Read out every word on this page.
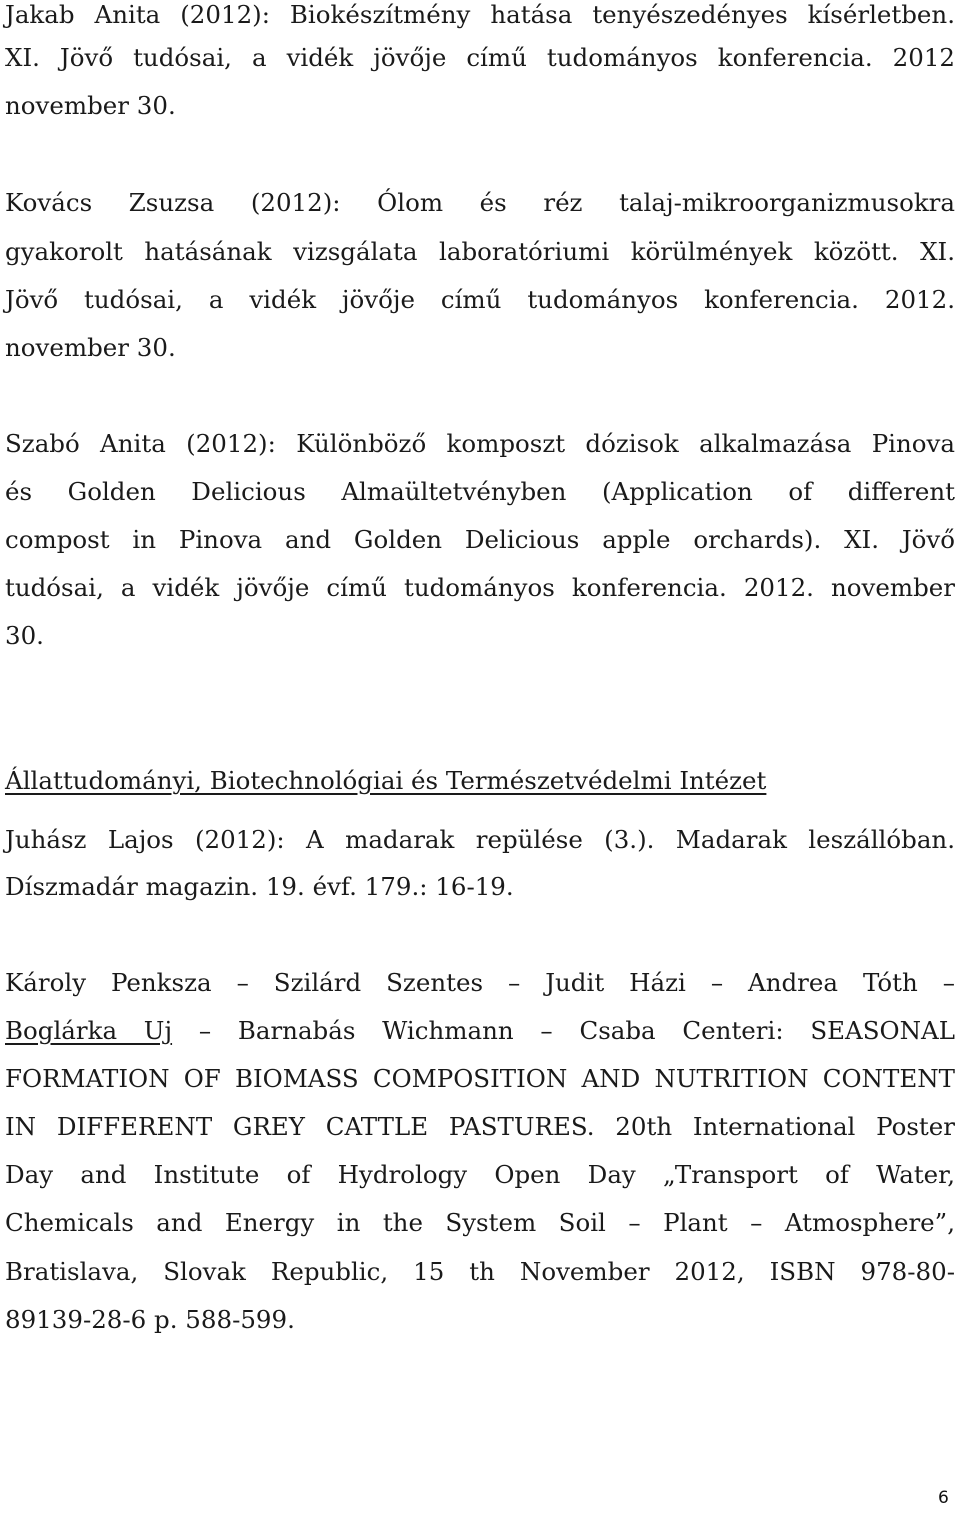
Jakab Anita (2012): Biokészítmény hatása tenyészedényes kísérletben.
XI. Jövő tudósai, a vidék jövője című tudományos konferencia. 2012
november 30.
Kovács Zsuzsa (2012): Ólom és réz talaj-mikroorganizmusokra
gyakorolt hatásának vizsgálata laboratóriumi körülmények között. XI.
Jövő tudósai, a vidék jövője című tudományos konferencia. 2012.
november 30.
Szabó Anita (2012): Különböző komposzt dózisok alkalmazása Pinova
és Golden Delicious Almaültetvényben (Application of different
compost in Pinova and Golden Delicious apple orchards). XI. Jövő
tudósai, a vidék jövője című tudományos konferencia. 2012. november
30.
Állattudományi, Biotechnológiai és Természetvédelmi Intézet
Juhász Lajos (2012): A madarak repülése (3.). Madarak leszállóban.
Díszmadár magazin. 19. évf. 179.: 16-19.
Károly Penksza – Szilárd Szentes – Judit Házi – Andrea Tóth –
Boglárka Uj – Barnabás Wichmann – Csaba Centeri: SEASONAL
FORMATION OF BIOMASS COMPOSITION AND NUTRITION CONTENT
IN DIFFERENT GREY CATTLE PASTURES. 20th International Poster
Day and Institute of Hydrology Open Day „Transport of Water,
Chemicals and Energy in the System Soil – Plant – Atmosphere”,
Bratislava, Slovak Republic, 15 th November 2012, ISBN 978-80-
89139-28-6 p. 588-599.
6
